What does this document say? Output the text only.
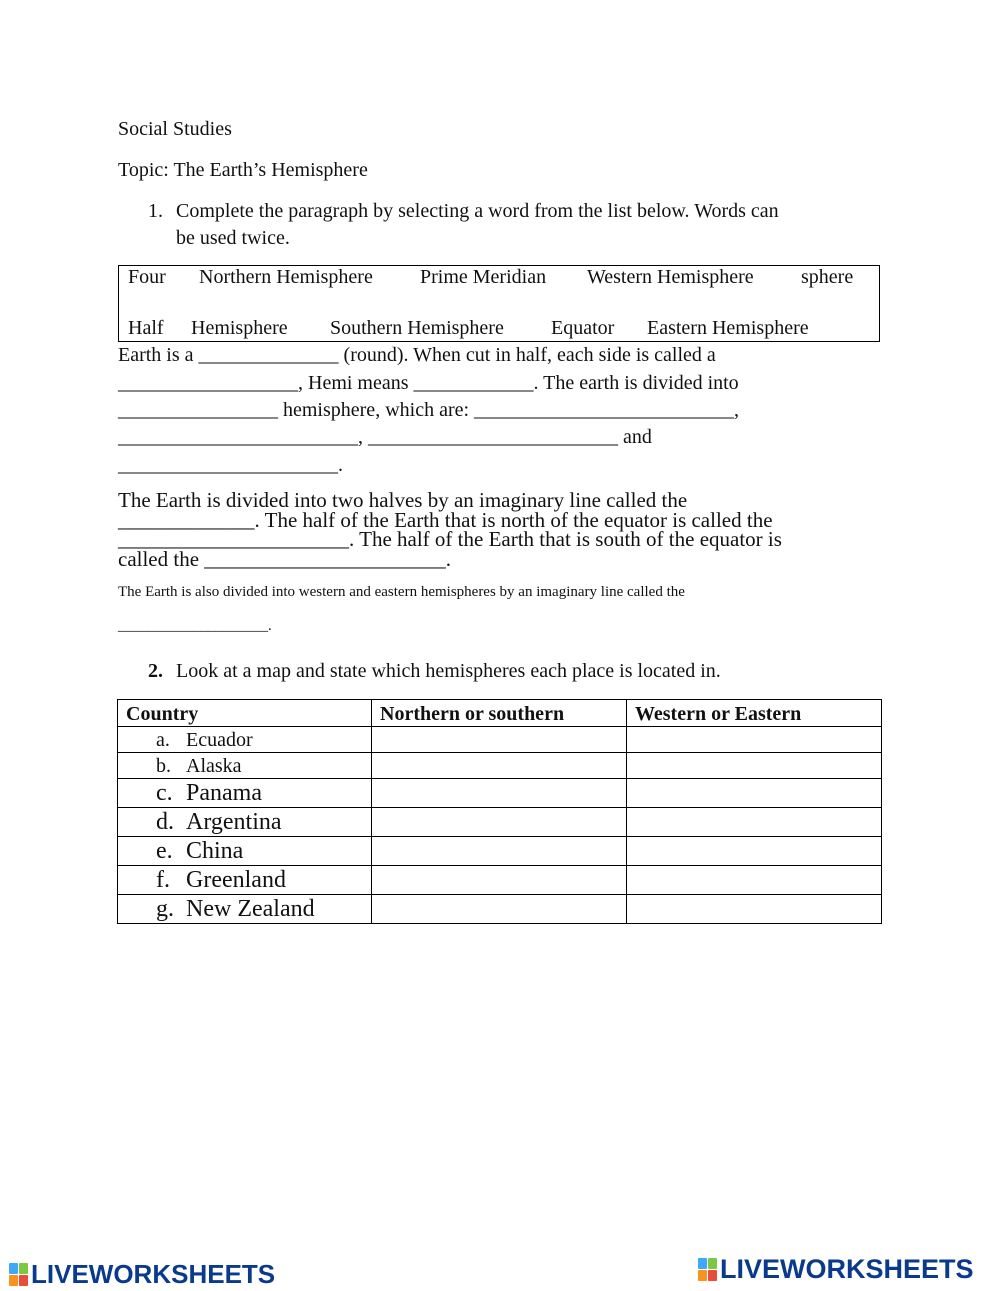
Social Studies
Topic: The Earth’s Hemisphere
1. Complete the paragraph by selecting a word from the list below. Words can
be used twice.
Four Northern Hemisphere Prime Meridian Western Hemisphere sphere
Half Hemisphere Southern Hemisphere Equator Eastern Hemisphere
Earth is a ______________ (round). When cut in half, each side is called a
__________________, Hemi means ____________. The earth is divided into
________________ hemisphere, which are: __________________________,
________________________, _________________________ and
______________________.
The Earth is divided into two halves by an imaginary line called the
_____________. The half of the Earth that is north of the equator is called the
______________________. The half of the Earth that is south of the equator is
called the _______________________.
The Earth is also divided into western and eastern hemispheres by an imaginary line called the
____________________.
2. Look at a map and state which hemispheres each place is located in.
Country	Northern or southern	Western or Eastern
a. Ecuador		
b. Alaska		
c. Panama		
d. Argentina		
e. China		
f. Greenland		
g. New Zealand		
LIVEWORKSHEETS	LIVEWORKSHEETS
